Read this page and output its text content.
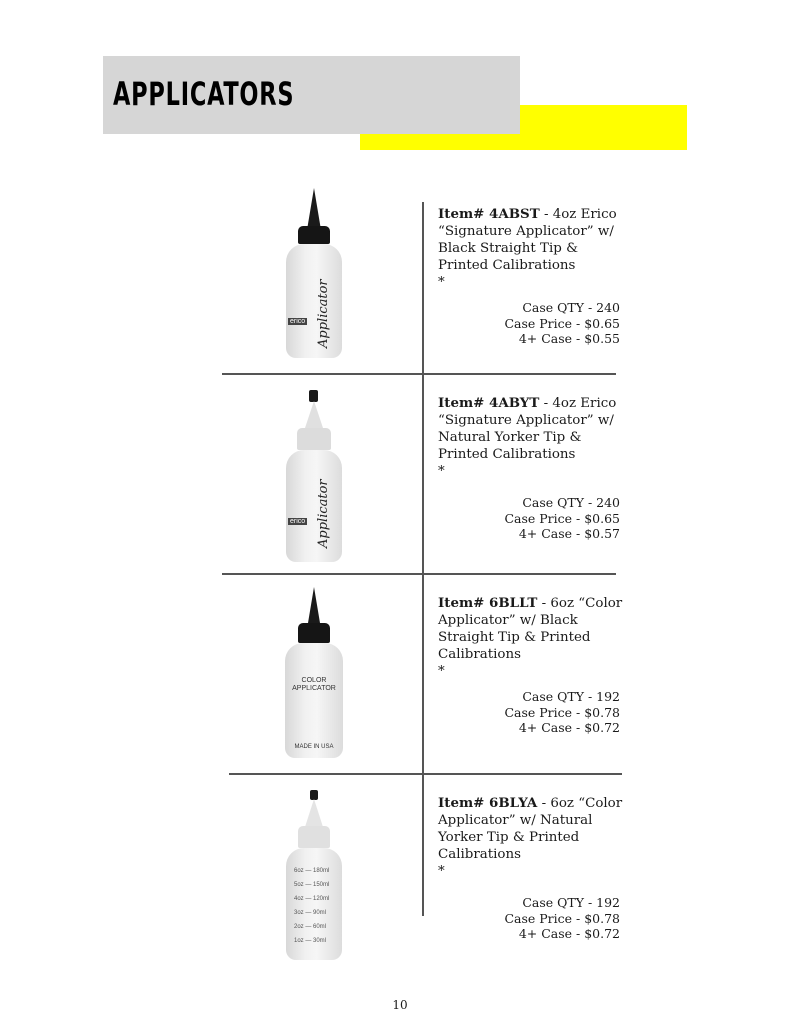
APPLICATORS
erico Applicator
Item# 4ABST - 4oz Erico “Signature Applicator” w/ Black Straight Tip & Printed Calibrations
*
Case QTY - 240
Case Price - $0.65
4+ Case - $0.55
erico Applicator
Item# 4ABYT - 4oz Erico “Signature Applicator” w/ Natural Yorker Tip & Printed Calibrations
*
Case QTY - 240
Case Price - $0.65
4+ Case - $0.57
COLOR
APPLICATOR
MADE IN USA
Item# 6BLLT - 6oz “Color Applicator” w/ Black Straight Tip & Printed Calibrations
*
Case QTY - 192
Case Price - $0.78
4+ Case - $0.72
6oz — 180ml
5oz — 150ml
4oz — 120ml
3oz — 90ml
2oz — 60ml
1oz — 30ml
Item# 6BLYA - 6oz “Color Applicator” w/ Natural Yorker Tip & Printed Calibrations
*
Case QTY - 192
Case Price - $0.78
4+ Case - $0.72
10
